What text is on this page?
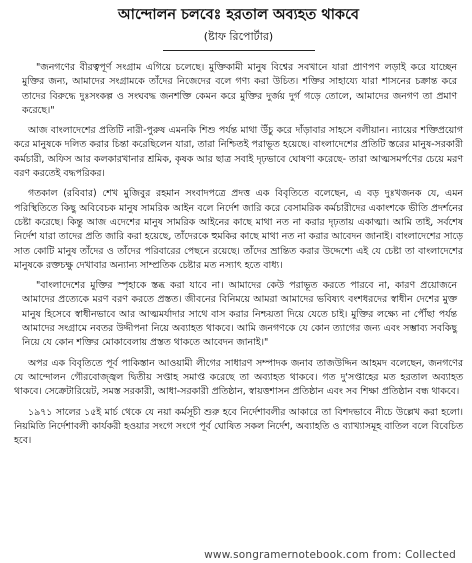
আন্দোলন চলবেঃ হরতাল অব্যহত থাকবে
(ষ্টাফ রিপোর্টার)

"জনগণের বীরত্বপূর্ণ সংগ্রাম এগিয়ে চলেছে। মুক্তিকামী মানুষ বিশ্বের সবখানে যারা প্রাণপণ লড়াই করে যাচ্ছেন মুক্তির জন্য, আমাদের সংগ্রামকে তাঁদের নিজেদের বলে গণ্য করা উচিত। শক্তির সাহায্যে যারা শাসনের চক্রান্ত করে তাদের বিরুদ্ধে দুঃসংকল্প ও সংঘবদ্ধ জনশক্তি কেমন করে মুক্তির দুর্জয় দুর্গ গড়ে তোলে, আমাদের জনগণ তা প্রমাণ করেছে।"

আজ বাংলাদেশের প্রতিটি নারী-পুরুষ এমনকি শিশু পর্যন্ত মাথা উঁচু করে দাঁড়াবার সাহসে বলীয়ান। ন্যায়ের শক্তিপ্রয়োগ করে মানুষকে দলিত করার চিন্তা করেছিলেন যারা, তারা নিশ্চিতই পরাভূত হয়েছে। বাংলাদেশের প্রতিটি স্তরের মানুষ-সরকারী কর্মচারী, অফিস আর কলকারখানার শ্রমিক, কৃষক আর ছাত্র সবাই দৃঢ়ভাবে ঘোষণা করেছে- তারা আত্মসমর্পণের চেয়ে মরণ বরণ করতেই বদ্ধপরিকর।

গতকাল (রবিবার) শেখ মুজিবুর রহমান সংবাদপত্রে প্রদত্ত এক বিবৃতিতে বলেছেন, এ বড় দুঃখজনক যে, এমন পরিস্থিতিতে কিছু অবিবেচক মানুষ সামরিক আইন বলে নির্দেশ জারি করে বেসামরিক কর্মচারীদের একাংশকে ভীতি প্রদর্শনের চেষ্টা করেছে। কিন্তু আজ এদেশের মানুষ সামরিক আইনের কাছে মাথা নত না করার দৃঢ়তায় একাত্মা। আমি তাই, সর্বশেষ নির্দেশ যারা তাদের প্রতি জারি করা হয়েছে, তাঁদেরকে হুমকির কাছে মাথা নত না করার আবেদন জানাই। বাংলাদেশের সাড়ে সাত কোটি মানুষ তাঁদের ও তাঁদের পরিবারের পেছনে রয়েছে। তাঁদের ভ্রান্তিত করার উদ্দেশ্যে এই যে চেষ্টা তা বাংলাদেশের মানুষকে রক্তচক্ষু দেখাবার অন্যান্য সাম্প্রতিক চেষ্টার মত নস্যাৎ হতে বাধ্য।

"বাংলাদেশের মুক্তির স্পৃহাকে স্তব্ধ করা যাবে না। আমাদের কেউ পরাভূত করতে পারবে না, কারণ প্রয়োজনে আমাদের প্রত্যেকে মরণ বরণ করতে প্রস্তত। জীবনের বিনিময়ে আমরা আমাদের ভবিষ্যৎ বংশধরদের স্বাধীন দেশের মুক্ত মানুষ হিসেবে স্বাধীনভাবে আর আত্মমর্যাদার সাথে বাস করার নিশ্চয়তা দিয়ে যেতে চাই। মুক্তির লক্ষ্যে না পৌঁছা পর্যন্ত আমাদের সংগ্রামে নবতর উদ্দীপনা নিয়ে অব্যাহত থাকবে। আমি জনগণকে যে কোন ত্যাগের জন্য এবং সম্ভাব্য সবকিছু নিয়ে যে কোন শক্তির মোকাবেলায় প্রস্তত থাকতে আবেদন জানাই।"

অপর এক বিবৃতিতে পূর্ব পাকিস্তান আওয়ামী লীগের সাধারণ সম্পাদক জনাব তাজউদ্দিন আহমদ বলেছেন, জনগণের যে আন্দোলন গৌরবোজ্জ্বল দ্বিতীয় সপ্তাহ সমাপ্ত করেছে তা অব্যাহত থাকবে। গত দু'সপ্তাহের মত হরতাল অব্যাহত থাকবে। সেক্রেটারিয়েট, সমস্ত সরকারী, আধা-সরকারী প্রতিষ্ঠান, স্বায়ত্তশাসন প্রতিষ্ঠান এবং সব শিক্ষা প্রতিষ্ঠান বন্ধ থাকবে।

১৯৭১ সালের ১৫ই মার্চ থেকে যে নয়া কর্মসূচী শুরু হবে নির্দেশাবলীর আকারে তা বিশদভাবে নীচে উল্লেখ করা হলো। নিয়মিতি নির্দেশাবলী কার্যকরী হওয়ার সংগে সংগে পূর্ব ঘোষিত সকল নির্দেশ, অব্যাহতি ও ব্যাখ্যাসমূহ বাতিল বলে বিবেচিত হবে।

www.songramernotebook.com from: Collected
